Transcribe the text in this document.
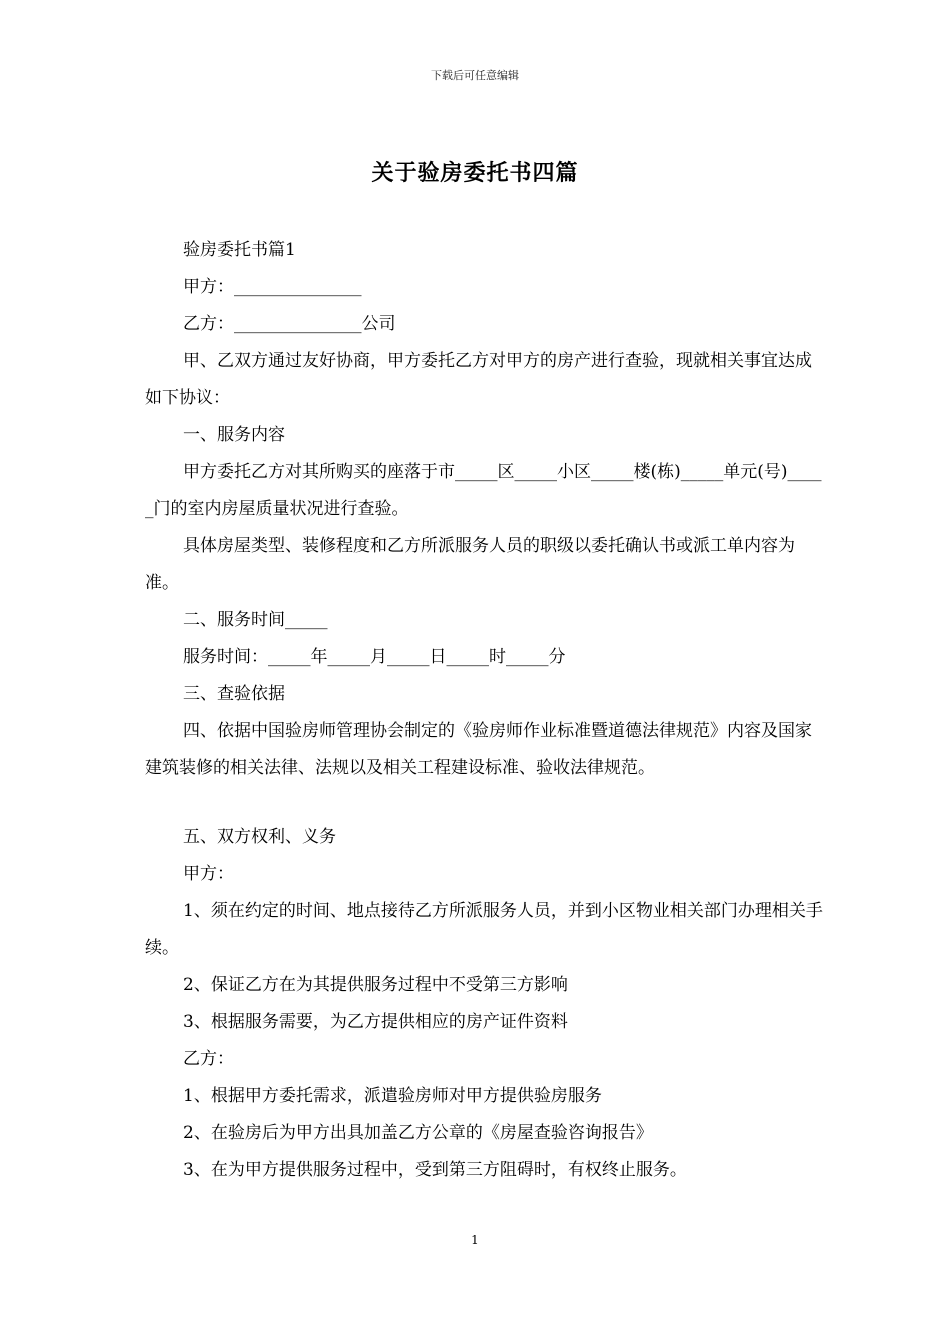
下载后可任意编辑
关于验房委托书四篇

验房委托书篇1

甲方：_______________

乙方：_______________公司

甲、乙双方通过友好协商，甲方委托乙方对甲方的房产进行查验，现就相关事宜达成如下协议：

一、服务内容

甲方委托乙方对其所购买的座落于市_____区_____小区_____楼(栋)_____单元(号)_____门的室内房屋质量状况进行查验。

具体房屋类型、装修程度和乙方所派服务人员的职级以委托确认书或派工单内容为准。

二、服务时间_____

服务时间：_____年_____月_____日_____时_____分

三、查验依据

四、依据中国验房师管理协会制定的《验房师作业标准暨道德法律规范》内容及国家建筑装修的相关法律、法规以及相关工程建设标准、验收法律规范。

五、双方权利、义务

甲方：

1、须在约定的时间、地点接待乙方所派服务人员，并到小区物业相关部门办理相关手续。

2、保证乙方在为其提供服务过程中不受第三方影响

3、根据服务需要，为乙方提供相应的房产证件资料

乙方：

1、根据甲方委托需求，派遣验房师对甲方提供验房服务

2、在验房后为甲方出具加盖乙方公章的《房屋查验咨询报告》

3、在为甲方提供服务过程中，受到第三方阻碍时，有权终止服务。

1
